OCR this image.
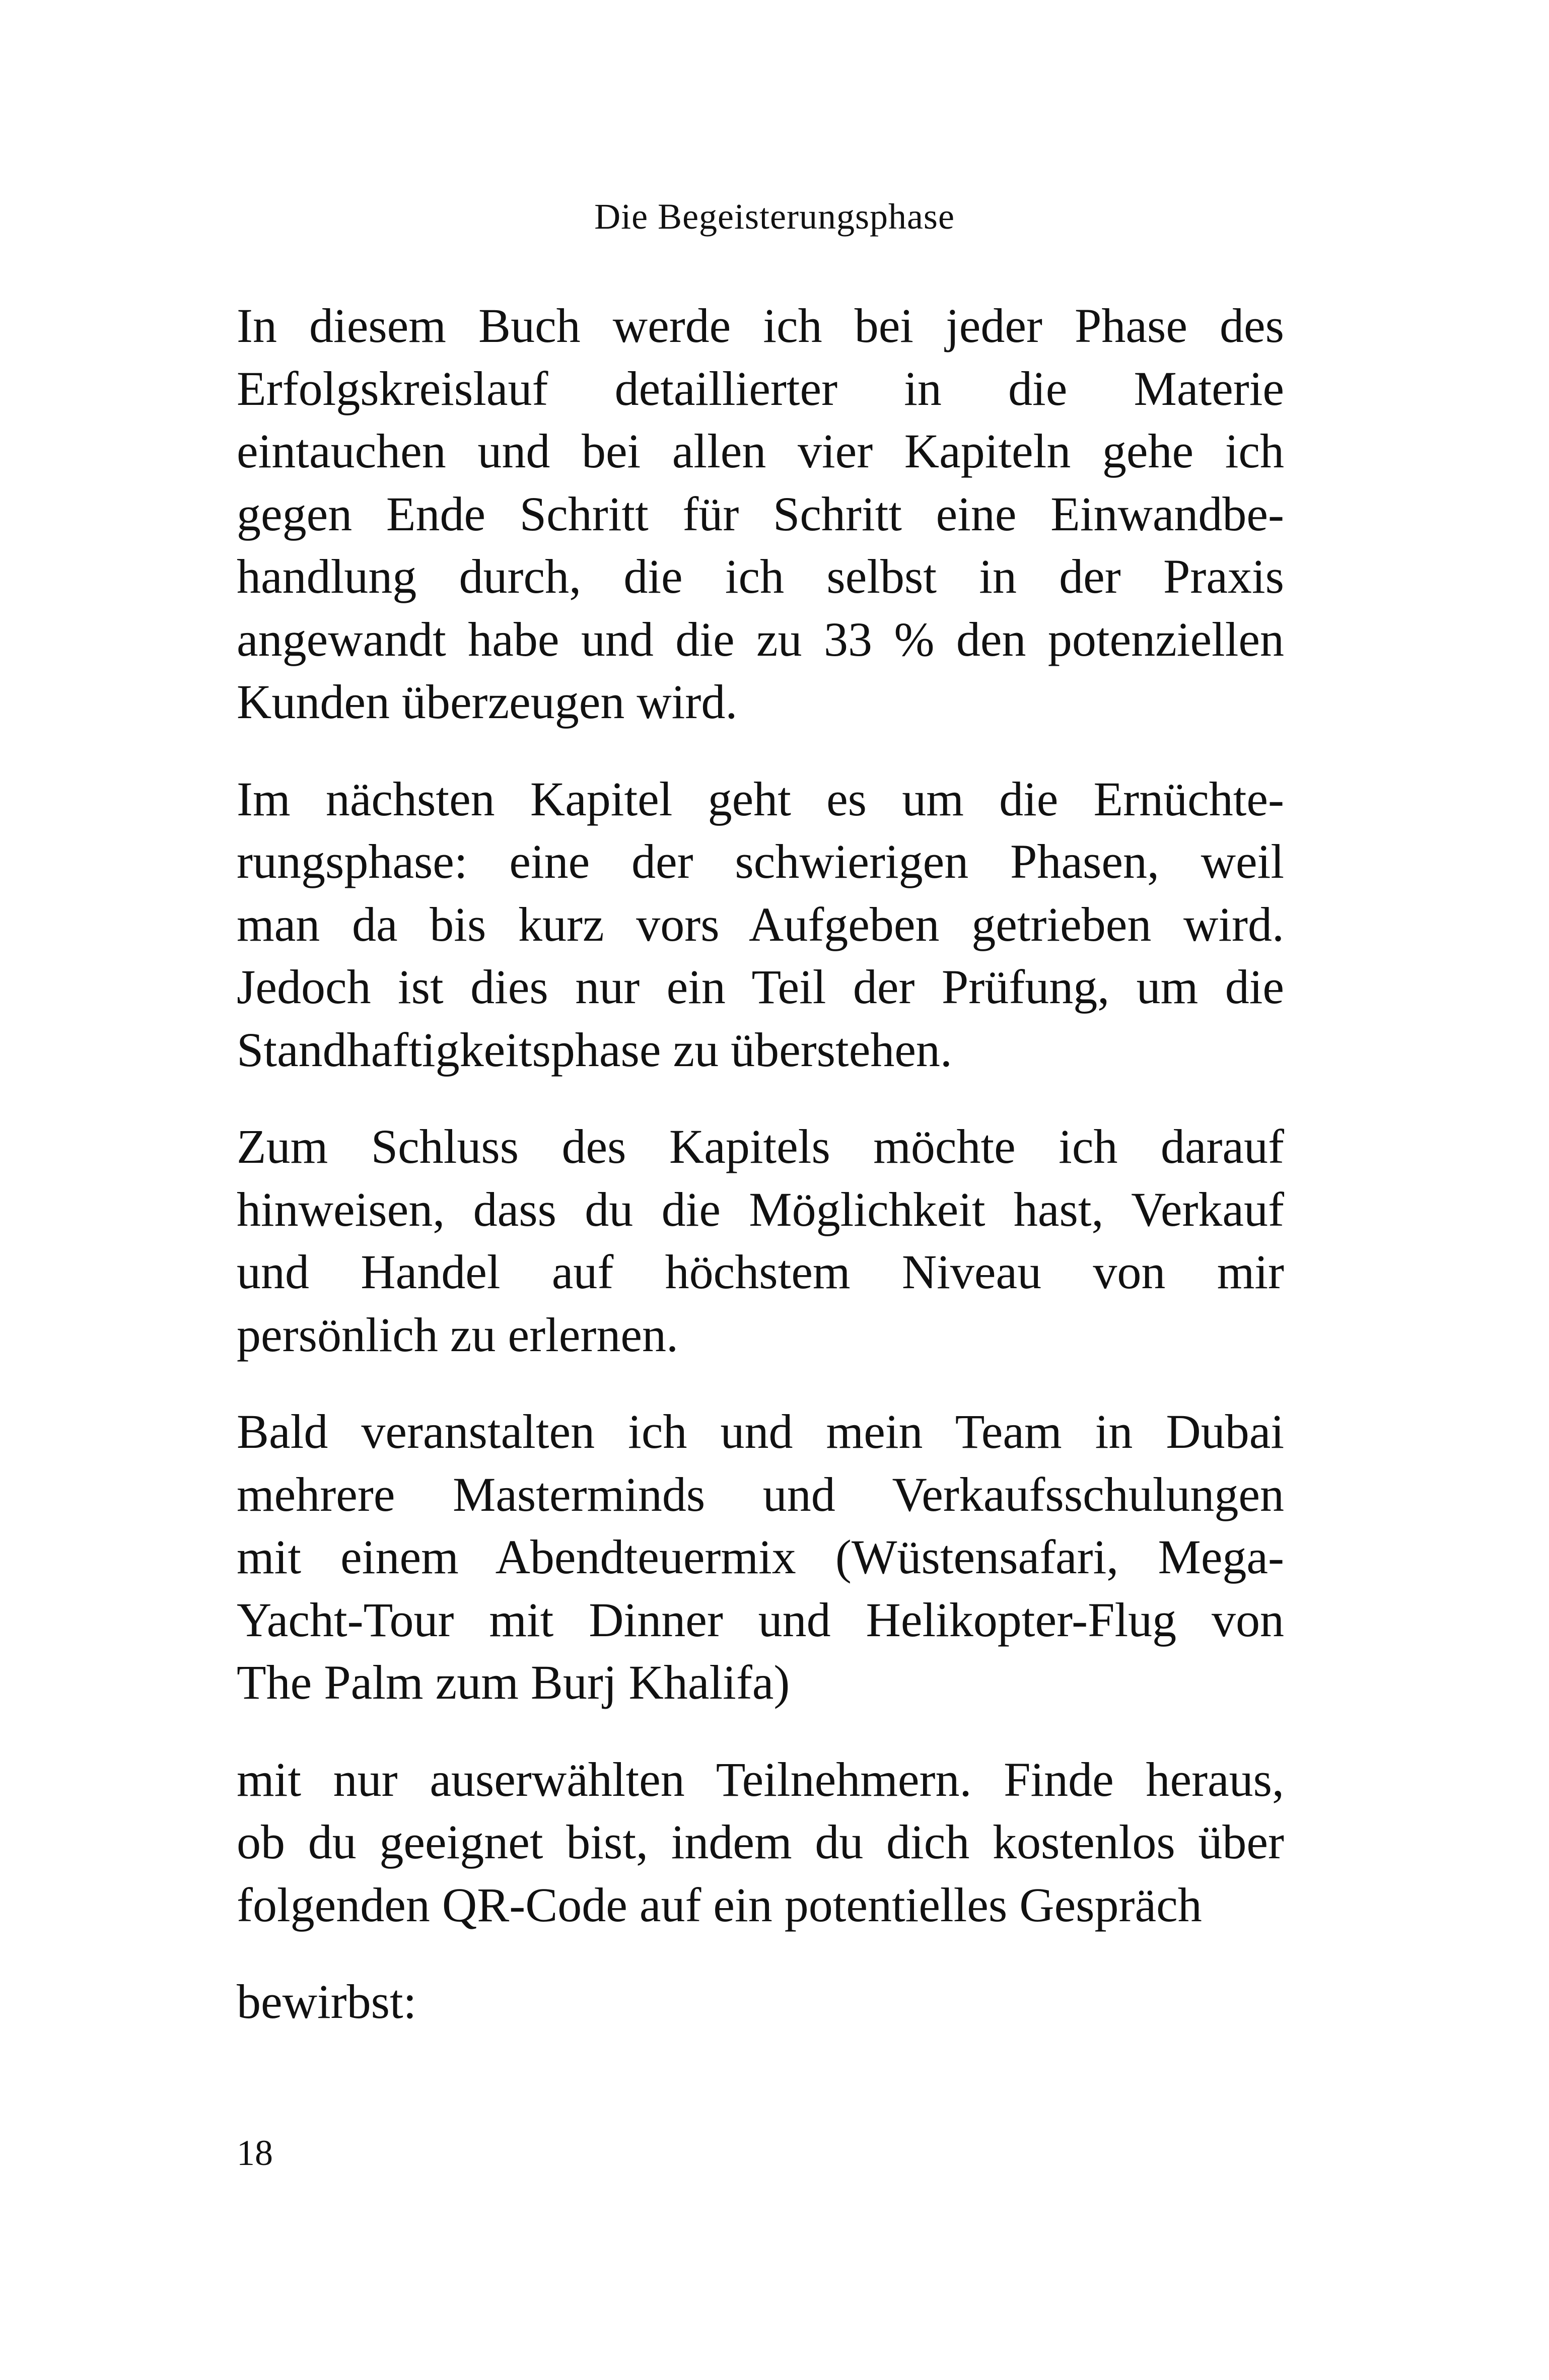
Die Begeisterungsphase
In diesem Buch werde ich bei jeder Phase des
Erfolgskreislauf detaillierter in die Materie
eintauchen und bei allen vier Kapiteln gehe ich
gegen Ende Schritt für Schritt eine Einwandbe-
handlung durch, die ich selbst in der Praxis
angewandt habe und die zu 33 % den potenziellen
Kunden überzeugen wird.
Im nächsten Kapitel geht es um die Ernüchte-
rungsphase: eine der schwierigen Phasen, weil
man da bis kurz vors Aufgeben getrieben wird.
Jedoch ist dies nur ein Teil der Prüfung, um die
Standhaftigkeitsphase zu überstehen.
Zum Schluss des Kapitels möchte ich darauf
hinweisen, dass du die Möglichkeit hast, Verkauf
und Handel auf höchstem Niveau von mir
persönlich zu erlernen.
Bald veranstalten ich und mein Team in Dubai
mehrere Masterminds und Verkaufsschulungen
mit einem Abendteuermix (Wüstensafari, Mega-
Yacht-Tour mit Dinner und Helikopter-Flug von
The Palm zum Burj Khalifa)
mit nur auserwählten Teilnehmern. Finde heraus,
ob du geeignet bist, indem du dich kostenlos über
folgenden QR-Code auf ein potentielles Gespräch
bewirbst:
18
